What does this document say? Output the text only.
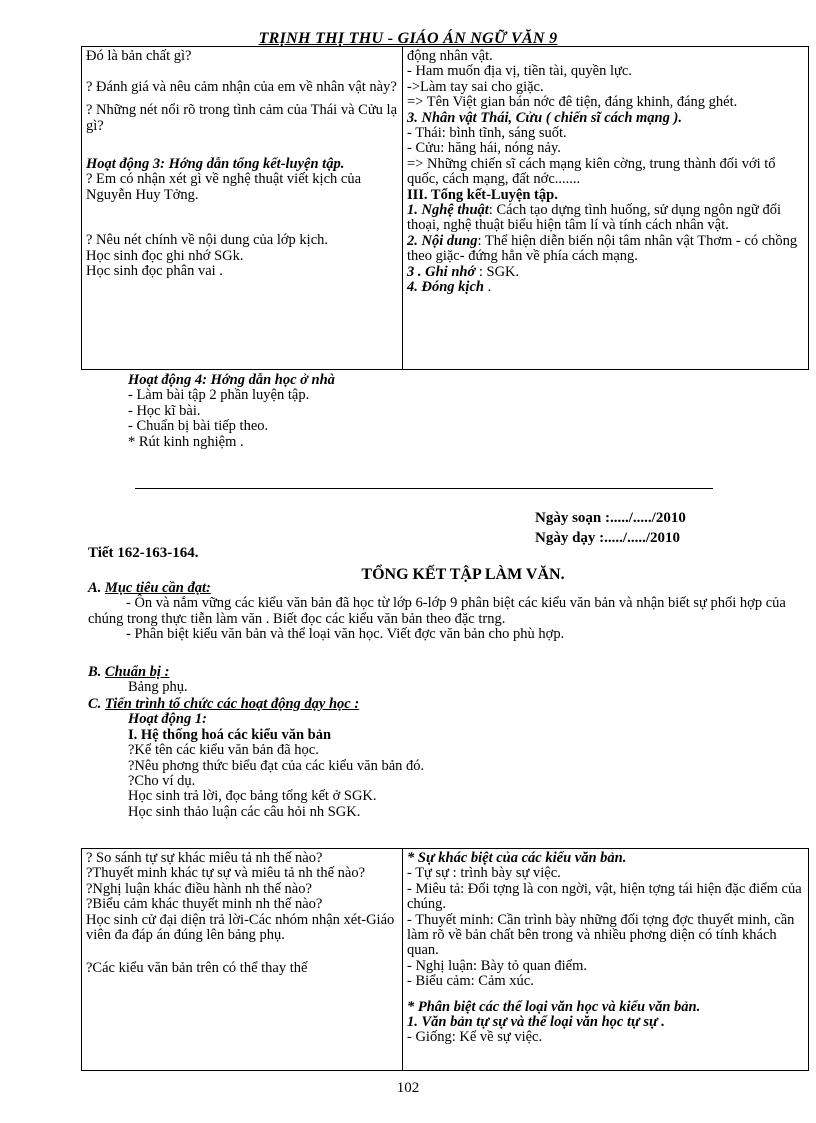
TRỊNH THỊ THU - GIÁO ÁN NGỮ VĂN 9
Đó là bản chất gì?
? Đánh giá và nêu cảm nhận của em về nhân vật này?
? Những nét nổi rõ trong tình cảm của Thái và Cửu lạ gì?
Hoạt động 3: Hớng dẫn tổng kết-luyện tập.
? Em có nhận xét gì về nghệ thuật viết kịch của Nguyễn Huy Tởng.
? Nêu nét chính về nội dung của lớp kịch.
Học sinh đọc ghi nhớ SGk.
Học sinh đọc phân vai .

động nhân vật.
- Ham muốn địa vị, tiền tài, quyền lực.
->Làm tay sai cho giặc.
=> Tên Việt gian bán nớc đê tiện, đáng khinh, đáng ghét.
3. Nhân vật Thái, Cửu ( chiến sĩ cách mạng ).
- Thái: bình tĩnh, sáng suốt.
- Cửu: hăng hái, nóng nảy.
=> Những chiến sĩ cách mạng kiên cờng, trung thành đối với tổ quốc, cách mạng, đất nớc.......
III. Tổng kết-Luyện tập.
1. Nghệ thuật: Cách tạo dựng tình huống, sử dụng ngôn ngữ đối thoại, nghệ thuật biểu hiện tâm lí và tính cách nhân vật.
2. Nội dung: Thể hiện diễn biến nội tâm nhân vật Thơm - có chồng theo giặc- đứng hẳn về phía cách mạng.
3 . Ghi nhớ : SGK.
4. Đóng kịch .
Hoạt động 4: Hớng dẫn học ở nhà
- Làm bài tập 2 phần luyện tập.
- Học kĩ bài.
- Chuẩn bị bài tiếp theo.
* Rút kinh nghiệm .
Ngày soạn :...../...../2010
Ngày dạy :...../...../2010
Tiết 162-163-164.
TỔNG KẾT TẬP LÀM VĂN.
A. Mục tiêu cần đạt:
- Ôn và nắm vững các kiểu văn bản đã học từ lớp 6-lớp 9 phân biệt các kiểu văn bản và nhận biết sự phối hợp của chúng trong thực tiễn làm văn . Biết đọc các kiểu văn bản theo đặc trng.
- Phân biệt kiểu văn bản và thể loại văn học. Viết đợc văn bản cho phù hợp.
B. Chuẩn bị :
Bảng phụ.
C. Tiến trình tổ chức các hoạt động dạy học :
Hoạt động 1:
I. Hệ thống hoá các kiểu văn bản
?Kể tên các kiểu văn bản đã học.
?Nêu phơng thức biểu đạt của các kiểu văn bản đó.
?Cho ví dụ.
Học sinh trả lời, đọc bảng tổng kết ở SGK.
Học sinh thảo luận các câu hỏi nh SGK.
? So sánh tự sự khác miêu tả nh thế nào?
?Thuyết minh khác tự sự và miêu tả nh thế nào?
?Nghị luận khác điều hành nh thế nào?
?Biểu cảm khác thuyết minh nh thế nào?
Học sinh cử đại diện trả lời-Các nhóm nhận xét-Giáo viên đa đáp án đúng lên bảng phụ.
?Các kiểu văn bản trên có thể thay thế

* Sự khác biệt của các kiểu văn bản.
- Tự sự : trình bày sự việc.
- Miêu tả: Đối tợng là con ngời, vật, hiện tợng tái hiện đặc điểm của chúng.
- Thuyết minh: Cần trình bày những đối tợng đợc thuyết minh, cần làm rõ về bản chất bên trong và nhiều phơng diện có tính khách quan.
- Nghị luận: Bày tỏ quan điểm.
- Biểu cảm: Cảm xúc.
* Phân biệt các thể loại văn học và kiểu văn bản.
1. Văn bản tự sự và thể loại văn học tự sự .
- Giống: Kể về sự việc.
102
